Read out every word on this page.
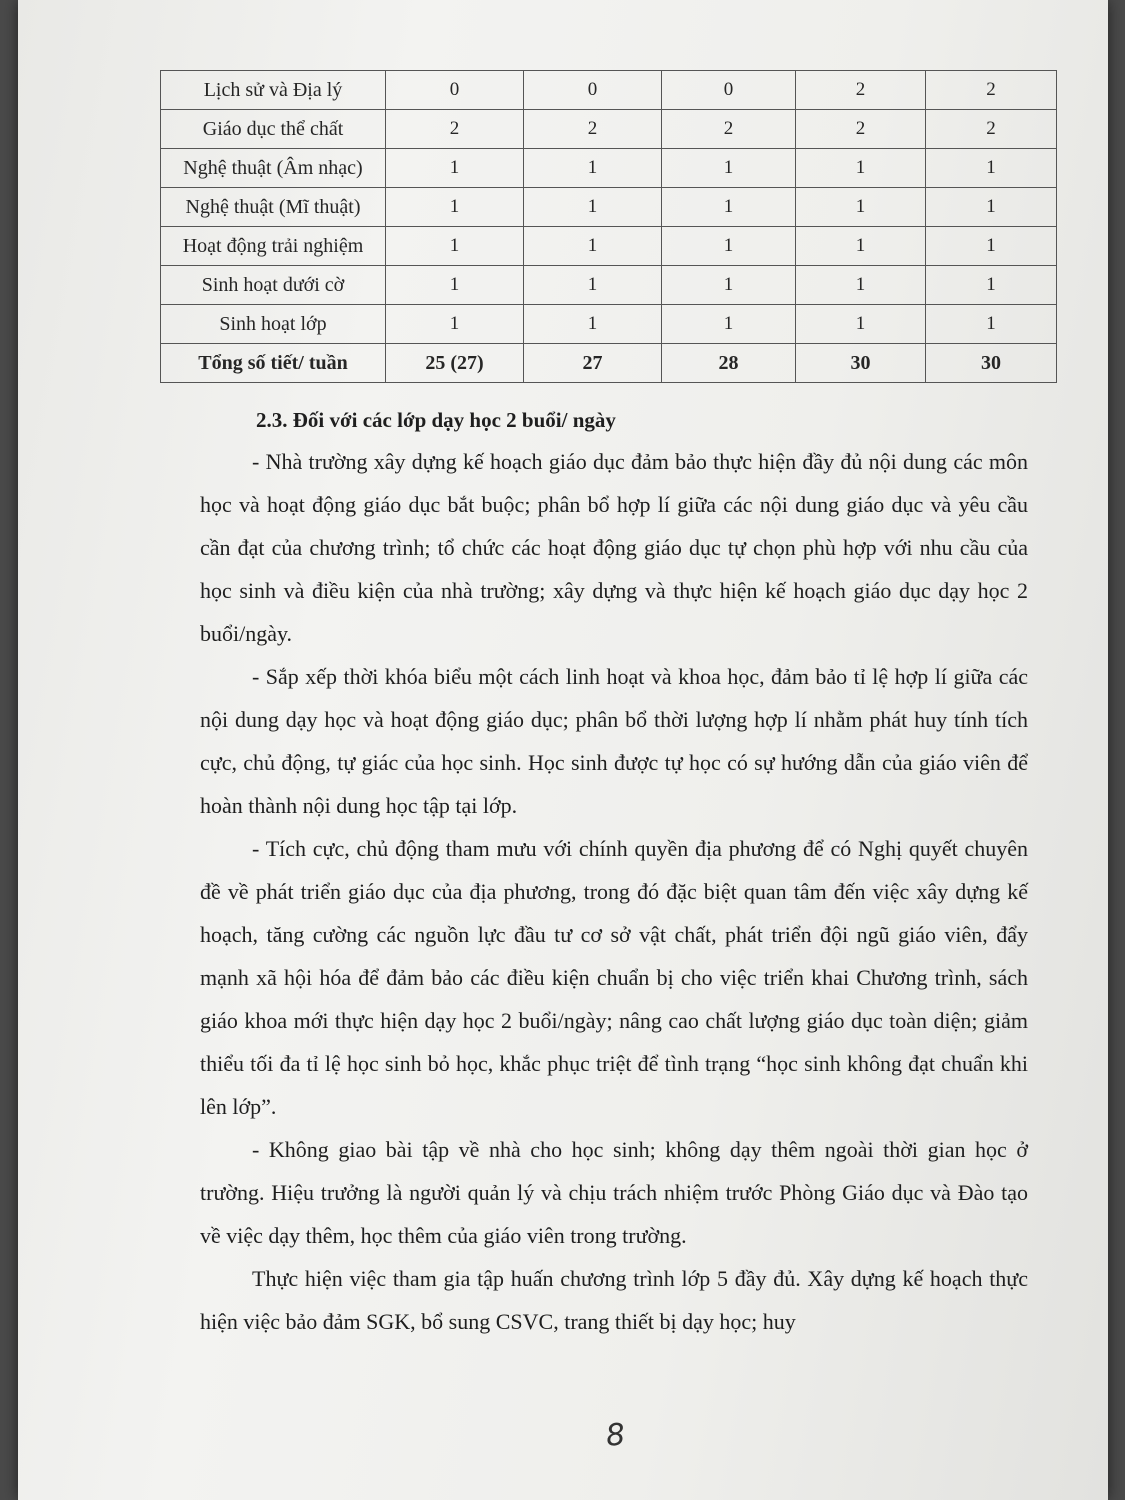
Lịch sử và Địa lý	0	0	0	2	2
Giáo dục thể chất	2	2	2	2	2
Nghệ thuật (Âm nhạc)	1	1	1	1	1
Nghệ thuật (Mĩ thuật)	1	1	1	1	1
Hoạt động trải nghiệm	1	1	1	1	1
Sinh hoạt dưới cờ	1	1	1	1	1
Sinh hoạt lớp	1	1	1	1	1
Tổng số tiết/ tuần	25 (27)	27	28	30	30
2.3. Đối với các lớp dạy học 2 buổi/ ngày

- Nhà trường xây dựng kế hoạch giáo dục đảm bảo thực hiện đầy đủ nội dung các môn học và hoạt động giáo dục bắt buộc; phân bổ hợp lí giữa các nội dung giáo dục và yêu cầu cần đạt của chương trình; tổ chức các hoạt động giáo dục tự chọn phù hợp với nhu cầu của học sinh và điều kiện của nhà trường; xây dựng và thực hiện kế hoạch giáo dục dạy học 2 buổi/ngày.

- Sắp xếp thời khóa biểu một cách linh hoạt và khoa học, đảm bảo tỉ lệ hợp lí giữa các nội dung dạy học và hoạt động giáo dục; phân bổ thời lượng hợp lí nhằm phát huy tính tích cực, chủ động, tự giác của học sinh. Học sinh được tự học có sự hướng dẫn của giáo viên để hoàn thành nội dung học tập tại lớp.

- Tích cực, chủ động tham mưu với chính quyền địa phương để có Nghị quyết chuyên đề về phát triển giáo dục của địa phương, trong đó đặc biệt quan tâm đến việc xây dựng kế hoạch, tăng cường các nguồn lực đầu tư cơ sở vật chất, phát triển đội ngũ giáo viên, đẩy mạnh xã hội hóa để đảm bảo các điều kiện chuẩn bị cho việc triển khai Chương trình, sách giáo khoa mới thực hiện dạy học 2 buổi/ngày; nâng cao chất lượng giáo dục toàn diện; giảm thiểu tối đa tỉ lệ học sinh bỏ học, khắc phục triệt để tình trạng “học sinh không đạt chuẩn khi lên lớp”.

- Không giao bài tập về nhà cho học sinh; không dạy thêm ngoài thời gian học ở trường. Hiệu trưởng là người quản lý và chịu trách nhiệm trước Phòng Giáo dục và Đào tạo về việc dạy thêm, học thêm của giáo viên trong trường.

Thực hiện việc tham gia tập huấn chương trình lớp 5 đầy đủ. Xây dựng kế hoạch thực hiện việc bảo đảm SGK, bổ sung CSVC, trang thiết bị dạy học; huy

8
